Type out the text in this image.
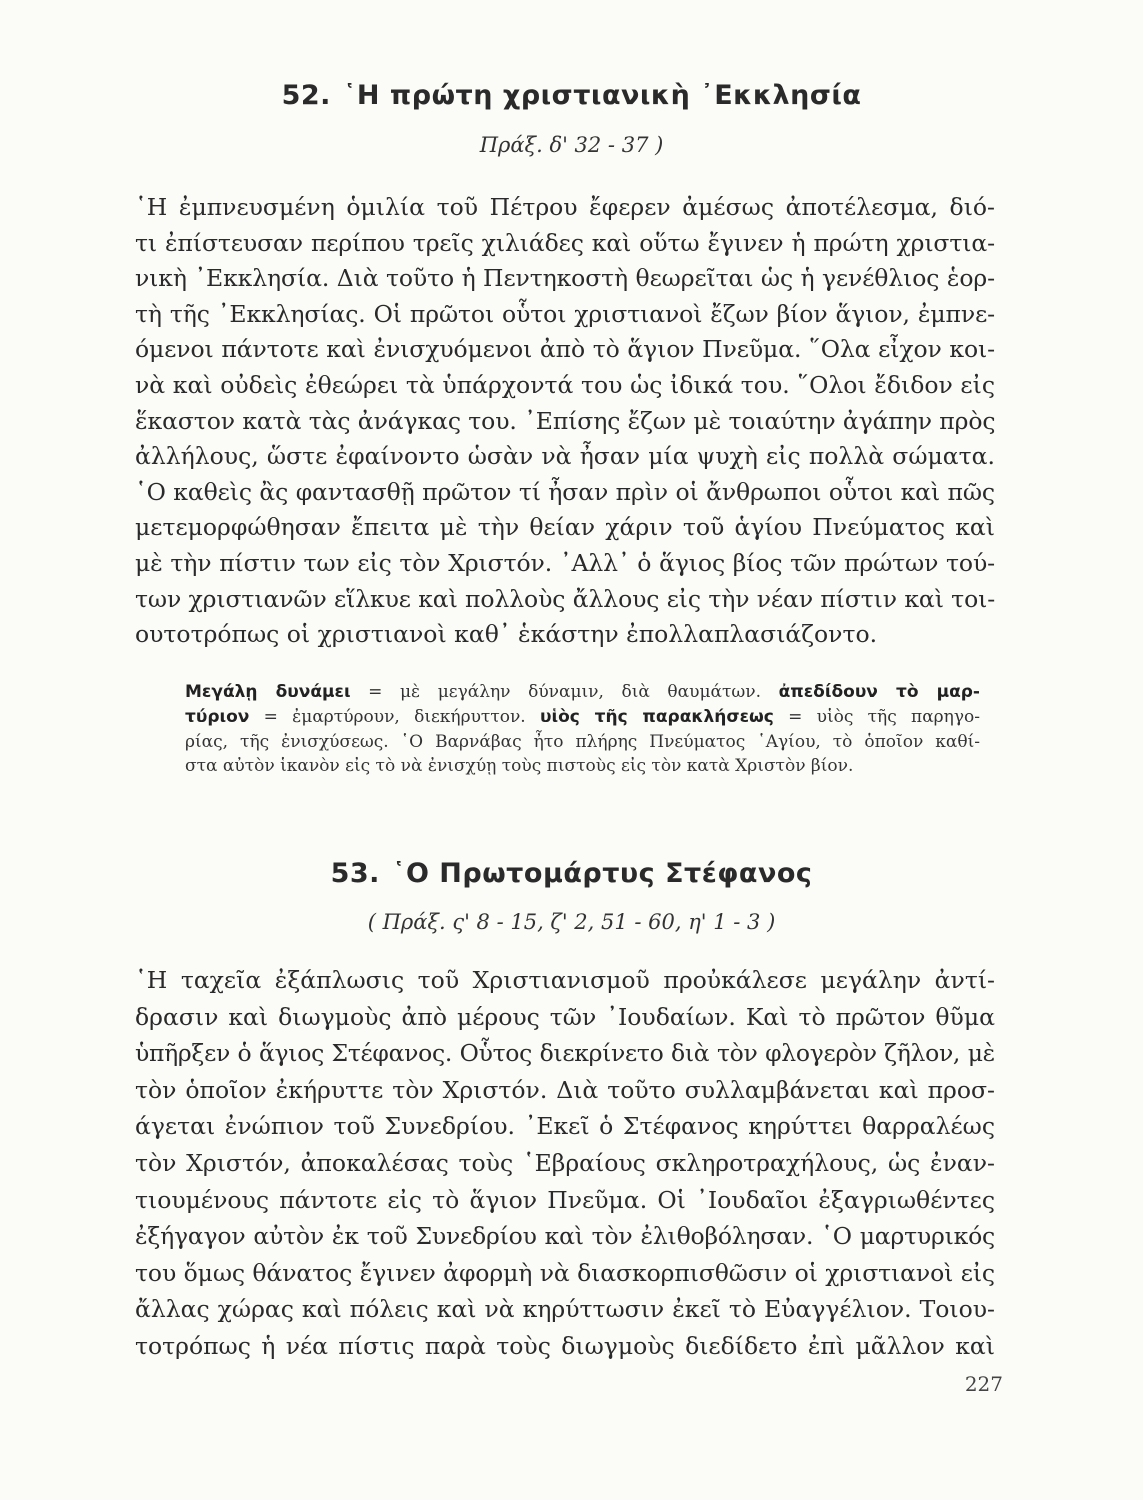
52. ῾Η πρώτη χριστιανικὴ ᾿Εκκλησία
Πράξ. δ' 32 - 37 )
῾Η ἐμπνευσμένη ὁμιλία τοῦ Πέτρου ἔφερεν ἀμέσως ἀποτέλεσμα, διό-
τι ἐπίστευσαν περίπου τρεῖς χιλιάδες καὶ οὕτω ἔγινεν ἡ πρώτη χριστια-
νικὴ ᾿Εκκλησία. Διὰ τοῦτο ἡ Πεντηκοστὴ θεωρεῖται ὡς ἡ γενέθλιος ἑορ-
τὴ τῆς ᾿Εκκλησίας. Οἱ πρῶτοι οὗτοι χριστιανοὶ ἔζων βίον ἅγιον, ἐμπνε-
όμενοι πάντοτε καὶ ἐνισχυόμενοι ἀπὸ τὸ ἅγιον Πνεῦμα. ῞Ολα εἶχον κοι-
νὰ καὶ οὐδεὶς ἐθεώρει τὰ ὑπάρχοντά του ὡς ἰδικά του. ῞Ολοι ἔδιδον εἰς
ἕκαστον κατὰ τὰς ἀνάγκας του. ᾿Επίσης ἔζων μὲ τοιαύτην ἀγάπην πρὸς
ἀλλήλους, ὥστε ἐφαίνοντο ὡσὰν νὰ ἦσαν μία ψυχὴ εἰς πολλὰ σώματα.
῾Ο καθεὶς ἂς φαντασθῇ πρῶτον τί ἦσαν πρὶν οἱ ἄνθρωποι οὗτοι καὶ πῶς
μετεμορφώθησαν ἔπειτα μὲ τὴν θείαν χάριν τοῦ ἁγίου Πνεύματος καὶ
μὲ τὴν πίστιν των εἰς τὸν Χριστόν. ᾿Αλλ᾿ ὁ ἅγιος βίος τῶν πρώτων τού-
των χριστιανῶν εἵλκυε καὶ πολλοὺς ἄλλους εἰς τὴν νέαν πίστιν καὶ τοι-
ουτοτρόπως οἱ χριστιανοὶ καθ᾿ ἑκάστην ἐπολλαπλασιάζοντο.
Μεγάλῃ δυνάμει = μὲ μεγάλην δύναμιν, διὰ θαυμάτων. ἀπεδίδουν τὸ μαρ-
τύριον = ἐμαρτύρουν, διεκήρυττον. υἱὸς τῆς παρακλήσεως = υἱὸς τῆς παρηγο-
ρίας, τῆς ἐνισχύσεως. ῾Ο Βαρνάβας ἦτο πλήρης Πνεύματος ῾Αγίου, τὸ ὁποῖον καθί-
στα αὐτὸν ἱκανὸν εἰς τὸ νὰ ἐνισχύῃ τοὺς πιστοὺς εἰς τὸν κατὰ Χριστὸν βίον.
53. ῾Ο Πρωτομάρτυς Στέφανος
( Πράξ. ς' 8 - 15, ζ' 2, 51 - 60, η' 1 - 3 )
῾Η ταχεῖα ἐξάπλωσις τοῦ Χριστιανισμοῦ προὐκάλεσε μεγάλην ἀντί-
δρασιν καὶ διωγμοὺς ἀπὸ μέρους τῶν ᾿Ιουδαίων. Καὶ τὸ πρῶτον θῦμα
ὑπῆρξεν ὁ ἅγιος Στέφανος. Οὗτος διεκρίνετο διὰ τὸν φλογερὸν ζῆλον, μὲ
τὸν ὁποῖον ἐκήρυττε τὸν Χριστόν. Διὰ τοῦτο συλλαμβάνεται καὶ προσ-
άγεται ἐνώπιον τοῦ Συνεδρίου. ᾿Εκεῖ ὁ Στέφανος κηρύττει θαρραλέως
τὸν Χριστόν, ἀποκαλέσας τοὺς ῾Εβραίους σκληροτραχήλους, ὡς ἐναν-
τιουμένους πάντοτε εἰς τὸ ἅγιον Πνεῦμα. Οἱ ᾿Ιουδαῖοι ἐξαγριωθέντες
ἐξήγαγον αὐτὸν ἐκ τοῦ Συνεδρίου καὶ τὸν ἐλιθοβόλησαν. ῾Ο μαρτυρικός
του ὅμως θάνατος ἔγινεν ἀφορμὴ νὰ διασκορπισθῶσιν οἱ χριστιανοὶ εἰς
ἄλλας χώρας καὶ πόλεις καὶ νὰ κηρύττωσιν ἐκεῖ τὸ Εὐαγγέλιον. Τοιου-
τοτρόπως ἡ νέα πίστις παρὰ τοὺς διωγμοὺς διεδίδετο ἐπὶ μᾶλλον καὶ
227
